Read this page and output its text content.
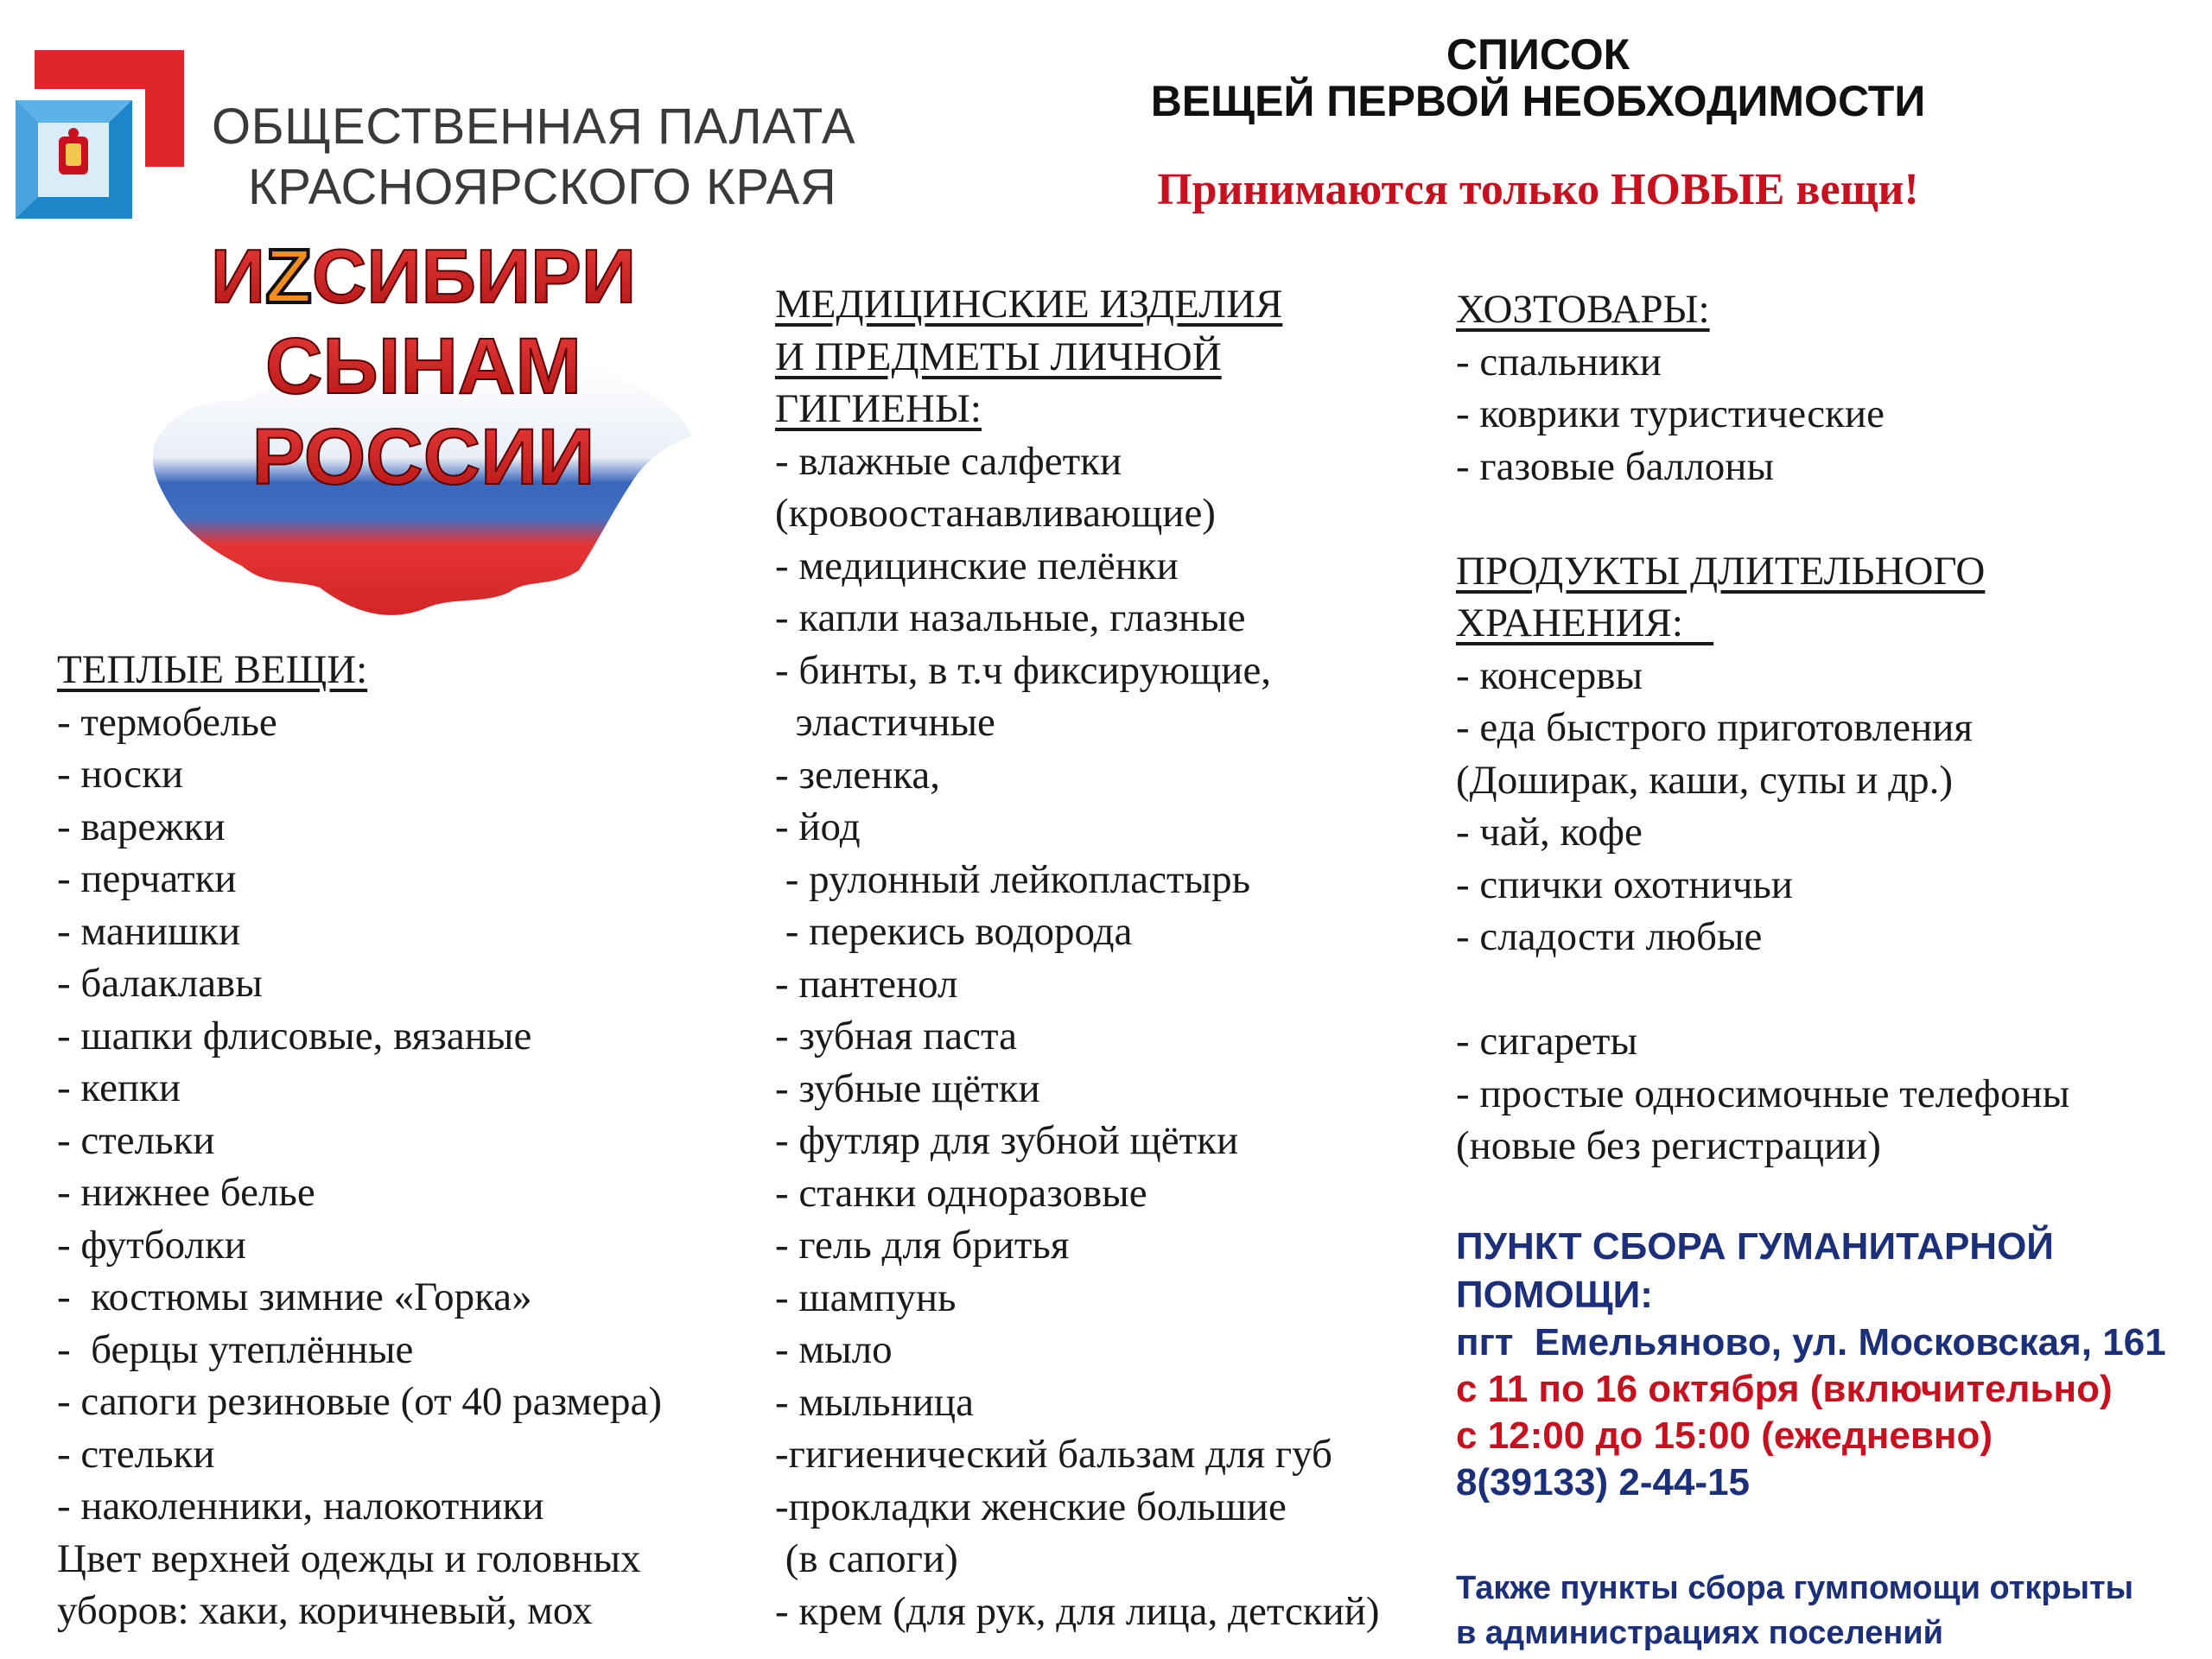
ОБЩЕСТВЕННАЯ ПАЛАТА
КРАСНОЯРСКОГО КРАЯ
ИZСИБИРИ
СЫНАМ
РОССИИ
СПИСОК
ВЕЩЕЙ ПЕРВОЙ НЕОБХОДИМОСТИ
Принимаются только НОВЫЕ вещи!
ТЕПЛЫЕ ВЕЩИ:
- термобелье
- носки
- варежки
- перчатки
- манишки
- балаклавы
- шапки флисовые, вязаные
- кепки
- стельки
- нижнее белье
- футболки
-  костюмы зимние «Горка»
-  берцы утеплённые
- сапоги резиновые (от 40 размера)
- стельки
- наколенники, налокотники
Цвет верхней одежды и головных
уборов: хаки, коричневый, мох
МЕДИЦИНСКИЕ ИЗДЕЛИЯ
И ПРЕДМЕТЫ ЛИЧНОЙ
ГИГИЕНЫ:
- влажные салфетки
(кровоостанавливающие)
- медицинские пелёнки
- капли назальные, глазные
- бинты, в т.ч фиксирующие,
эластичные
- зеленка,
- йод
- рулонный лейкопластырь
- перекись водорода
- пантенол
- зубная паста
- зубные щётки
- футляр для зубной щётки
- станки одноразовые
- гель для бритья
- шампунь
- мыло
- мыльница
-гигиенический бальзам для губ
-прокладки женские большие
(в сапоги)
- крем (для рук, для лица, детский)
ХОЗТОВАРЫ:
- спальники
- коврики туристические
- газовые баллоны
ПРОДУКТЫ ДЛИТЕЛЬНОГО
ХРАНЕНИЯ:
- консервы
- еда быстрого приготовления
(Доширак, каши, супы и др.)
- чай, кофе
- спички охотничьи
- сладости любые
- сигареты
- простые односимочные телефоны
(новые без регистрации)
ПУНКТ СБОРА ГУМАНИТАРНОЙ
ПОМОЩИ:
пгт  Емельяново, ул. Московская, 161
с 11 по 16 октября (включительно)
с 12:00 до 15:00 (ежедневно)
8(39133) 2-44-15
Также пункты сбора гумпомощи открыты
в администрациях поселений
